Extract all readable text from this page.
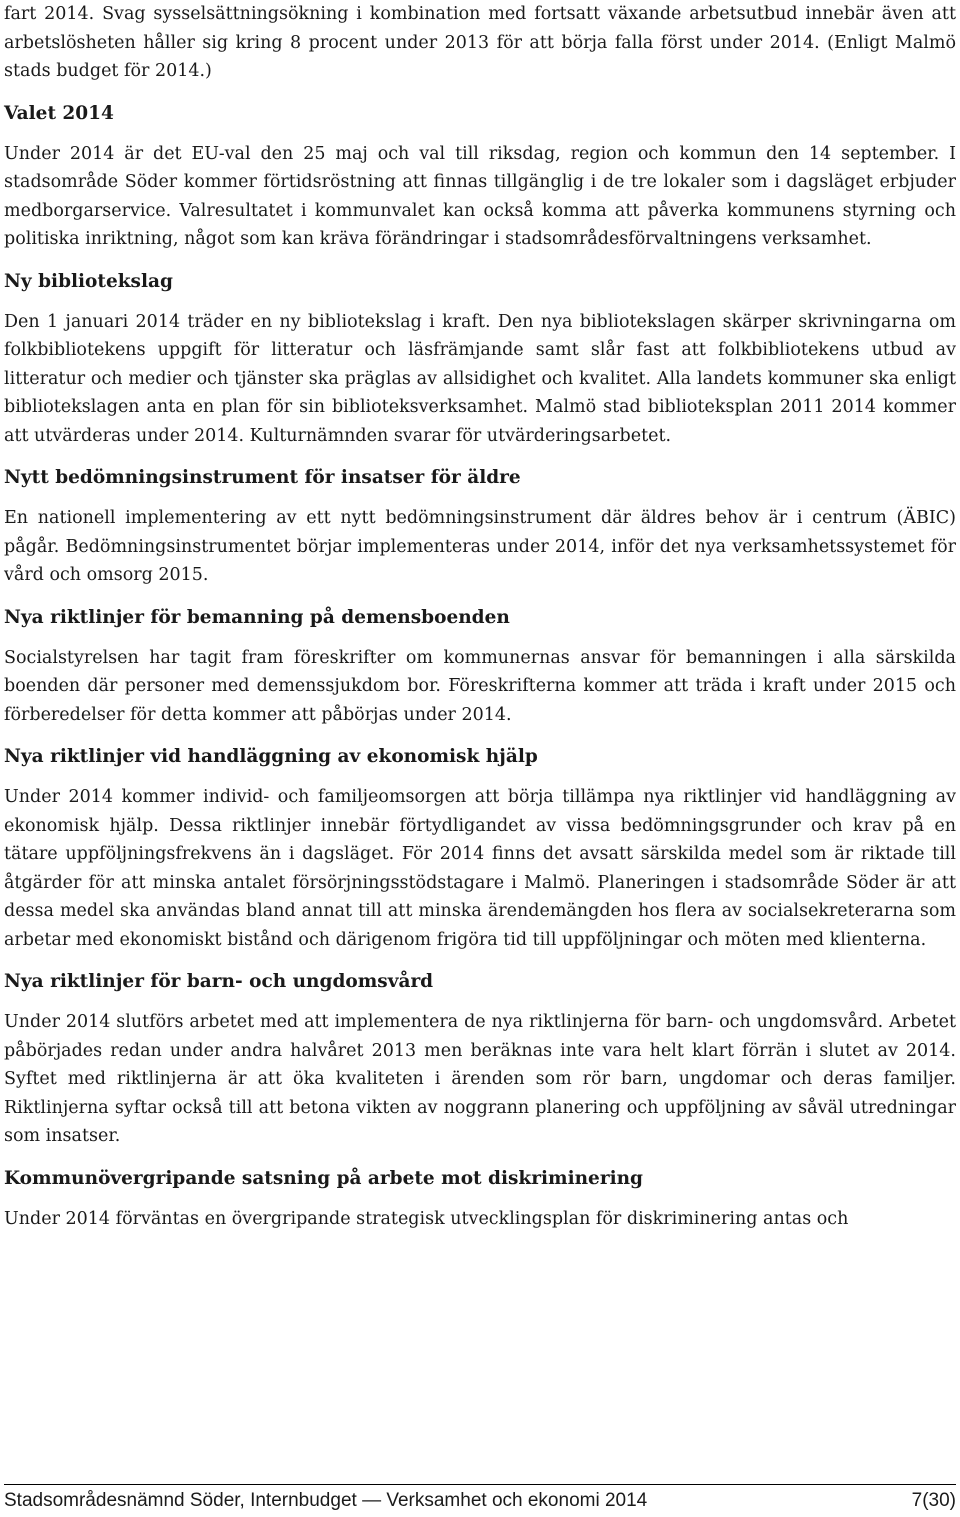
fart 2014. Svag sysselsättningsökning i kombination med fortsatt växande arbetsutbud innebär även att arbetslösheten håller sig kring 8 procent under 2013 för att börja falla först under 2014. (Enligt Malmö stads budget för 2014.)

Valet 2014

Under 2014 är det EU-val den 25 maj och val till riksdag, region och kommun den 14 september. I stadsområde Söder kommer förtidsröstning att finnas tillgänglig i de tre lokaler som i dagsläget erbjuder medborgarservice. Valresultatet i kommunvalet kan också komma att påverka kommunens styrning och politiska inriktning, något som kan kräva förändringar i stadsområdesförvaltningens verksamhet.

Ny bibliotekslag

Den 1 januari 2014 träder en ny bibliotekslag i kraft. Den nya bibliotekslagen skärper skrivningarna om folkbibliotekens uppgift för litteratur och läsfrämjande samt slår fast att folkbibliotekens utbud av litteratur och medier och tjänster ska präglas av allsidighet och kvalitet. Alla landets kommuner ska enligt bibliotekslagen anta en plan för sin biblioteksverksamhet. Malmö stad biblioteksplan 2011 2014 kommer att utvärderas under 2014. Kulturnämnden svarar för utvärderingsarbetet.

Nytt bedömningsinstrument för insatser för äldre

En nationell implementering av ett nytt bedömningsinstrument där äldres behov är i centrum (ÄBIC) pågår. Bedömningsinstrumentet börjar implementeras under 2014, inför det nya verksamhetssystemet för vård och omsorg 2015.

Nya riktlinjer för bemanning på demensboenden

Socialstyrelsen har tagit fram föreskrifter om kommunernas ansvar för bemanningen i alla särskilda boenden där personer med demenssjukdom bor. Föreskrifterna kommer att träda i kraft under 2015 och förberedelser för detta kommer att påbörjas under 2014.

Nya riktlinjer vid handläggning av ekonomisk hjälp

Under 2014 kommer individ- och familjeomsorgen att börja tillämpa nya riktlinjer vid handläggning av ekonomisk hjälp. Dessa riktlinjer innebär förtydligandet av vissa bedömningsgrunder och krav på en tätare uppföljningsfrekvens än i dagsläget. För 2014 finns det avsatt särskilda medel som är riktade till åtgärder för att minska antalet försörjningsstödstagare i Malmö. Planeringen i stadsområde Söder är att dessa medel ska användas bland annat till att minska ärendemängden hos flera av socialsekreterarna som arbetar med ekonomiskt bistånd och därigenom frigöra tid till uppföljningar och möten med klienterna.

Nya riktlinjer för barn- och ungdomsvård

Under 2014 slutförs arbetet med att implementera de nya riktlinjerna för barn- och ungdomsvård. Arbetet påbörjades redan under andra halvåret 2013 men beräknas inte vara helt klart förrän i slutet av 2014. Syftet med riktlinjerna är att öka kvaliteten i ärenden som rör barn, ungdomar och deras familjer. Riktlinjerna syftar också till att betona vikten av noggrann planering och uppföljning av såväl utredningar som insatser.

Kommunövergripande satsning på arbete mot diskriminering

Under 2014 förväntas en övergripande strategisk utvecklingsplan för diskriminering antas och

Stadsområdesnämnd Söder, Internbudget — Verksamhet och ekonomi 2014	7(30)
